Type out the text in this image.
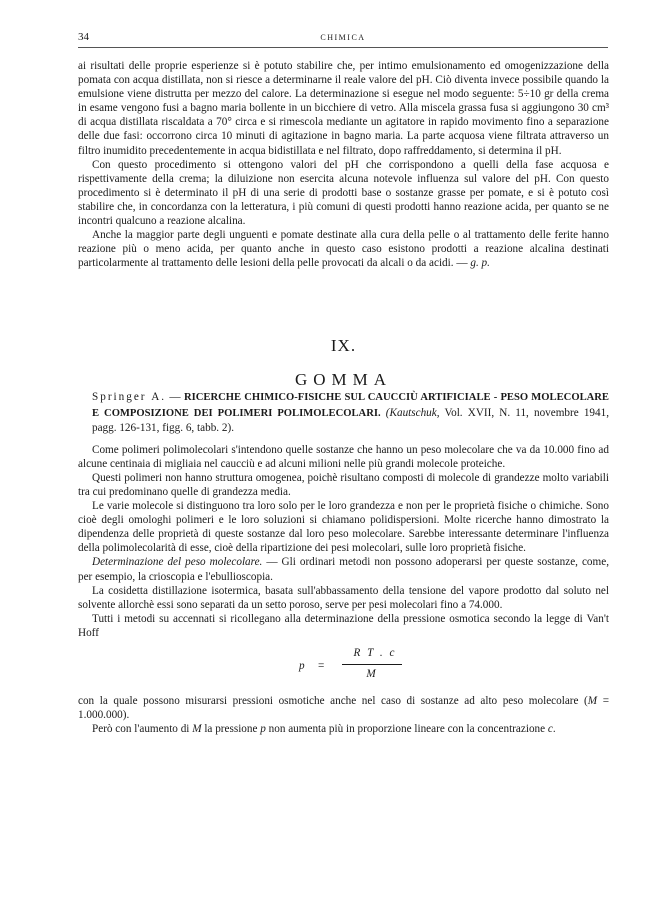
34	CHIMICA

ai risultati delle proprie esperienze si è potuto stabilire che, per intimo emulsionamento ed omogenizzazione della pomata con acqua distillata, non si riesce a determinarne il reale valore del pH. Ciò diventa invece possibile quando la emulsione viene distrutta per mezzo del calore. La determinazione si esegue nel modo seguente: 5÷10 gr della crema in esame vengono fusi a bagno maria bollente in un bicchiere di vetro. Alla miscela grassa fusa si aggiungono 30 cm³ di acqua distillata riscaldata a 70° circa e si rimescola mediante un agitatore in rapido movimento fino a separazione delle due fasi: occorrono circa 10 minuti di agitazione in bagno maria. La parte acquosa viene filtrata attraverso un filtro inumidito precedentemente in acqua bidistillata e nel filtrato, dopo raffreddamento, si determina il pH.

Con questo procedimento si ottengono valori del pH che corrispondono a quelli della fase acquosa e rispettivamente della crema; la diluizione non esercita alcuna notevole influenza sul valore del pH. Con questo procedimento si è determinato il pH di una serie di prodotti base o sostanze grasse per pomate, e si è potuto così stabilire che, in concordanza con la letteratura, i più comuni di questi prodotti hanno reazione acida, per quanto se ne incontri qualcuno a reazione alcalina.

Anche la maggior parte degli unguenti e pomate destinate alla cura della pelle o al trattamento delle ferite hanno reazione più o meno acida, per quanto anche in questo caso esistono prodotti a reazione alcalina destinati particolarmente al trattamento delle lesioni della pelle provocati da alcali o da acidi. — g. p.

IX.
GOMMA

Springer A. — RICERCHE CHIMICO-FISICHE SUL CAUCCIÙ ARTIFICIALE - PESO MOLECOLARE E COMPOSIZIONE DEI POLIMERI POLIMOLECOLARI. (Kautschuk, Vol. XVII, N. 11, novembre 1941, pagg. 126-131, figg. 6, tabb. 2).

Come polimeri polimolecolari s'intendono quelle sostanze che hanno un peso molecolare che va da 10.000 fino ad alcune centinaia di migliaia nel caucciù e ad alcuni milioni nelle più grandi molecole proteiche.

Questi polimeri non hanno struttura omogenea, poichè risultano composti di molecole di grandezze molto variabili tra cui predominano quelle di grandezza media.

Le varie molecole si distinguono tra loro solo per le loro grandezza e non per le proprietà fisiche o chimiche. Sono cioè degli omologhi polimeri e le loro soluzioni si chiamano polidispersioni. Molte ricerche hanno dimostrato la dipendenza delle proprietà di queste sostanze dal loro peso molecolare. Sarebbe interessante determinare l'influenza della polimolecolarità di esse, cioè della ripartizione dei pesi molecolari, sulle loro proprietà fisiche.

Determinazione del peso molecolare. — Gli ordinari metodi non possono adoperarsi per queste sostanze, come, per esempio, la crioscopia e l'ebullioscopia.

La cosidetta distillazione isotermica, basata sull'abbassamento della tensione del vapore prodotto dal soluto nel solvente allorchè essi sono separati da un setto poroso, serve per pesi molecolari fino a 74.000.

Tutti i metodi su accennati si ricollegano alla determinazione della pressione osmotica secondo la legge di Van't Hoff

p =
R T . c
M

con la quale possono misurarsi pressioni osmotiche anche nel caso di sostanze ad alto peso molecolare (M = 1.000.000).

Però con l'aumento di M la pressione p non aumenta più in proporzione lineare con la concentrazione c.
